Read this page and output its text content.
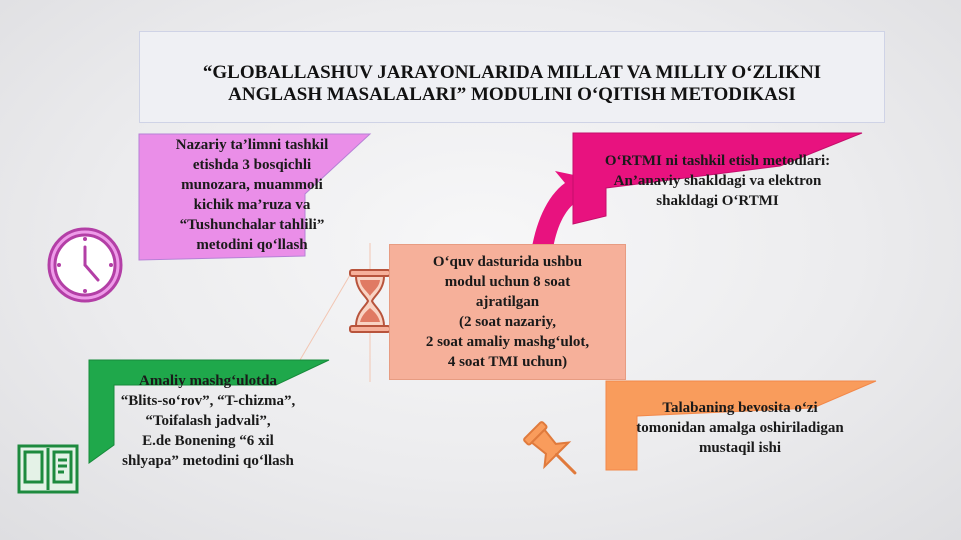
“GLOBALLASHUV JARAYONLARIDA MILLAT VA MILLIY O‘ZLIKNI
ANGLASH MASALALARI” MODULINI O‘QITISH METODIKASI
Nazariy ta’limni tashkil
etishda 3 bosqichli
munozara, muammoli
kichik ma’ruza va
“Tushunchalar tahlili”
metodini qo‘llash
O‘RTMI ni tashkil etish metodlari:
An’anaviy shakldagi va elektron
shakldagi O‘RTMI
O‘quv dasturida ushbu
modul uchun 8 soat
ajratilgan
(2 soat nazariy,
2 soat amaliy mashg‘ulot,
4 soat TMI uchun)
Amaliy mashg‘ulotda
“Blits-so‘rov”, “T-chizma”,
“Toifalash jadvali”,
E.de Bonening “6 xil
shlyapa” metodini qo‘llash
Talabaning bevosita o‘zi
tomonidan amalga oshiriladigan
mustaqil ishi
